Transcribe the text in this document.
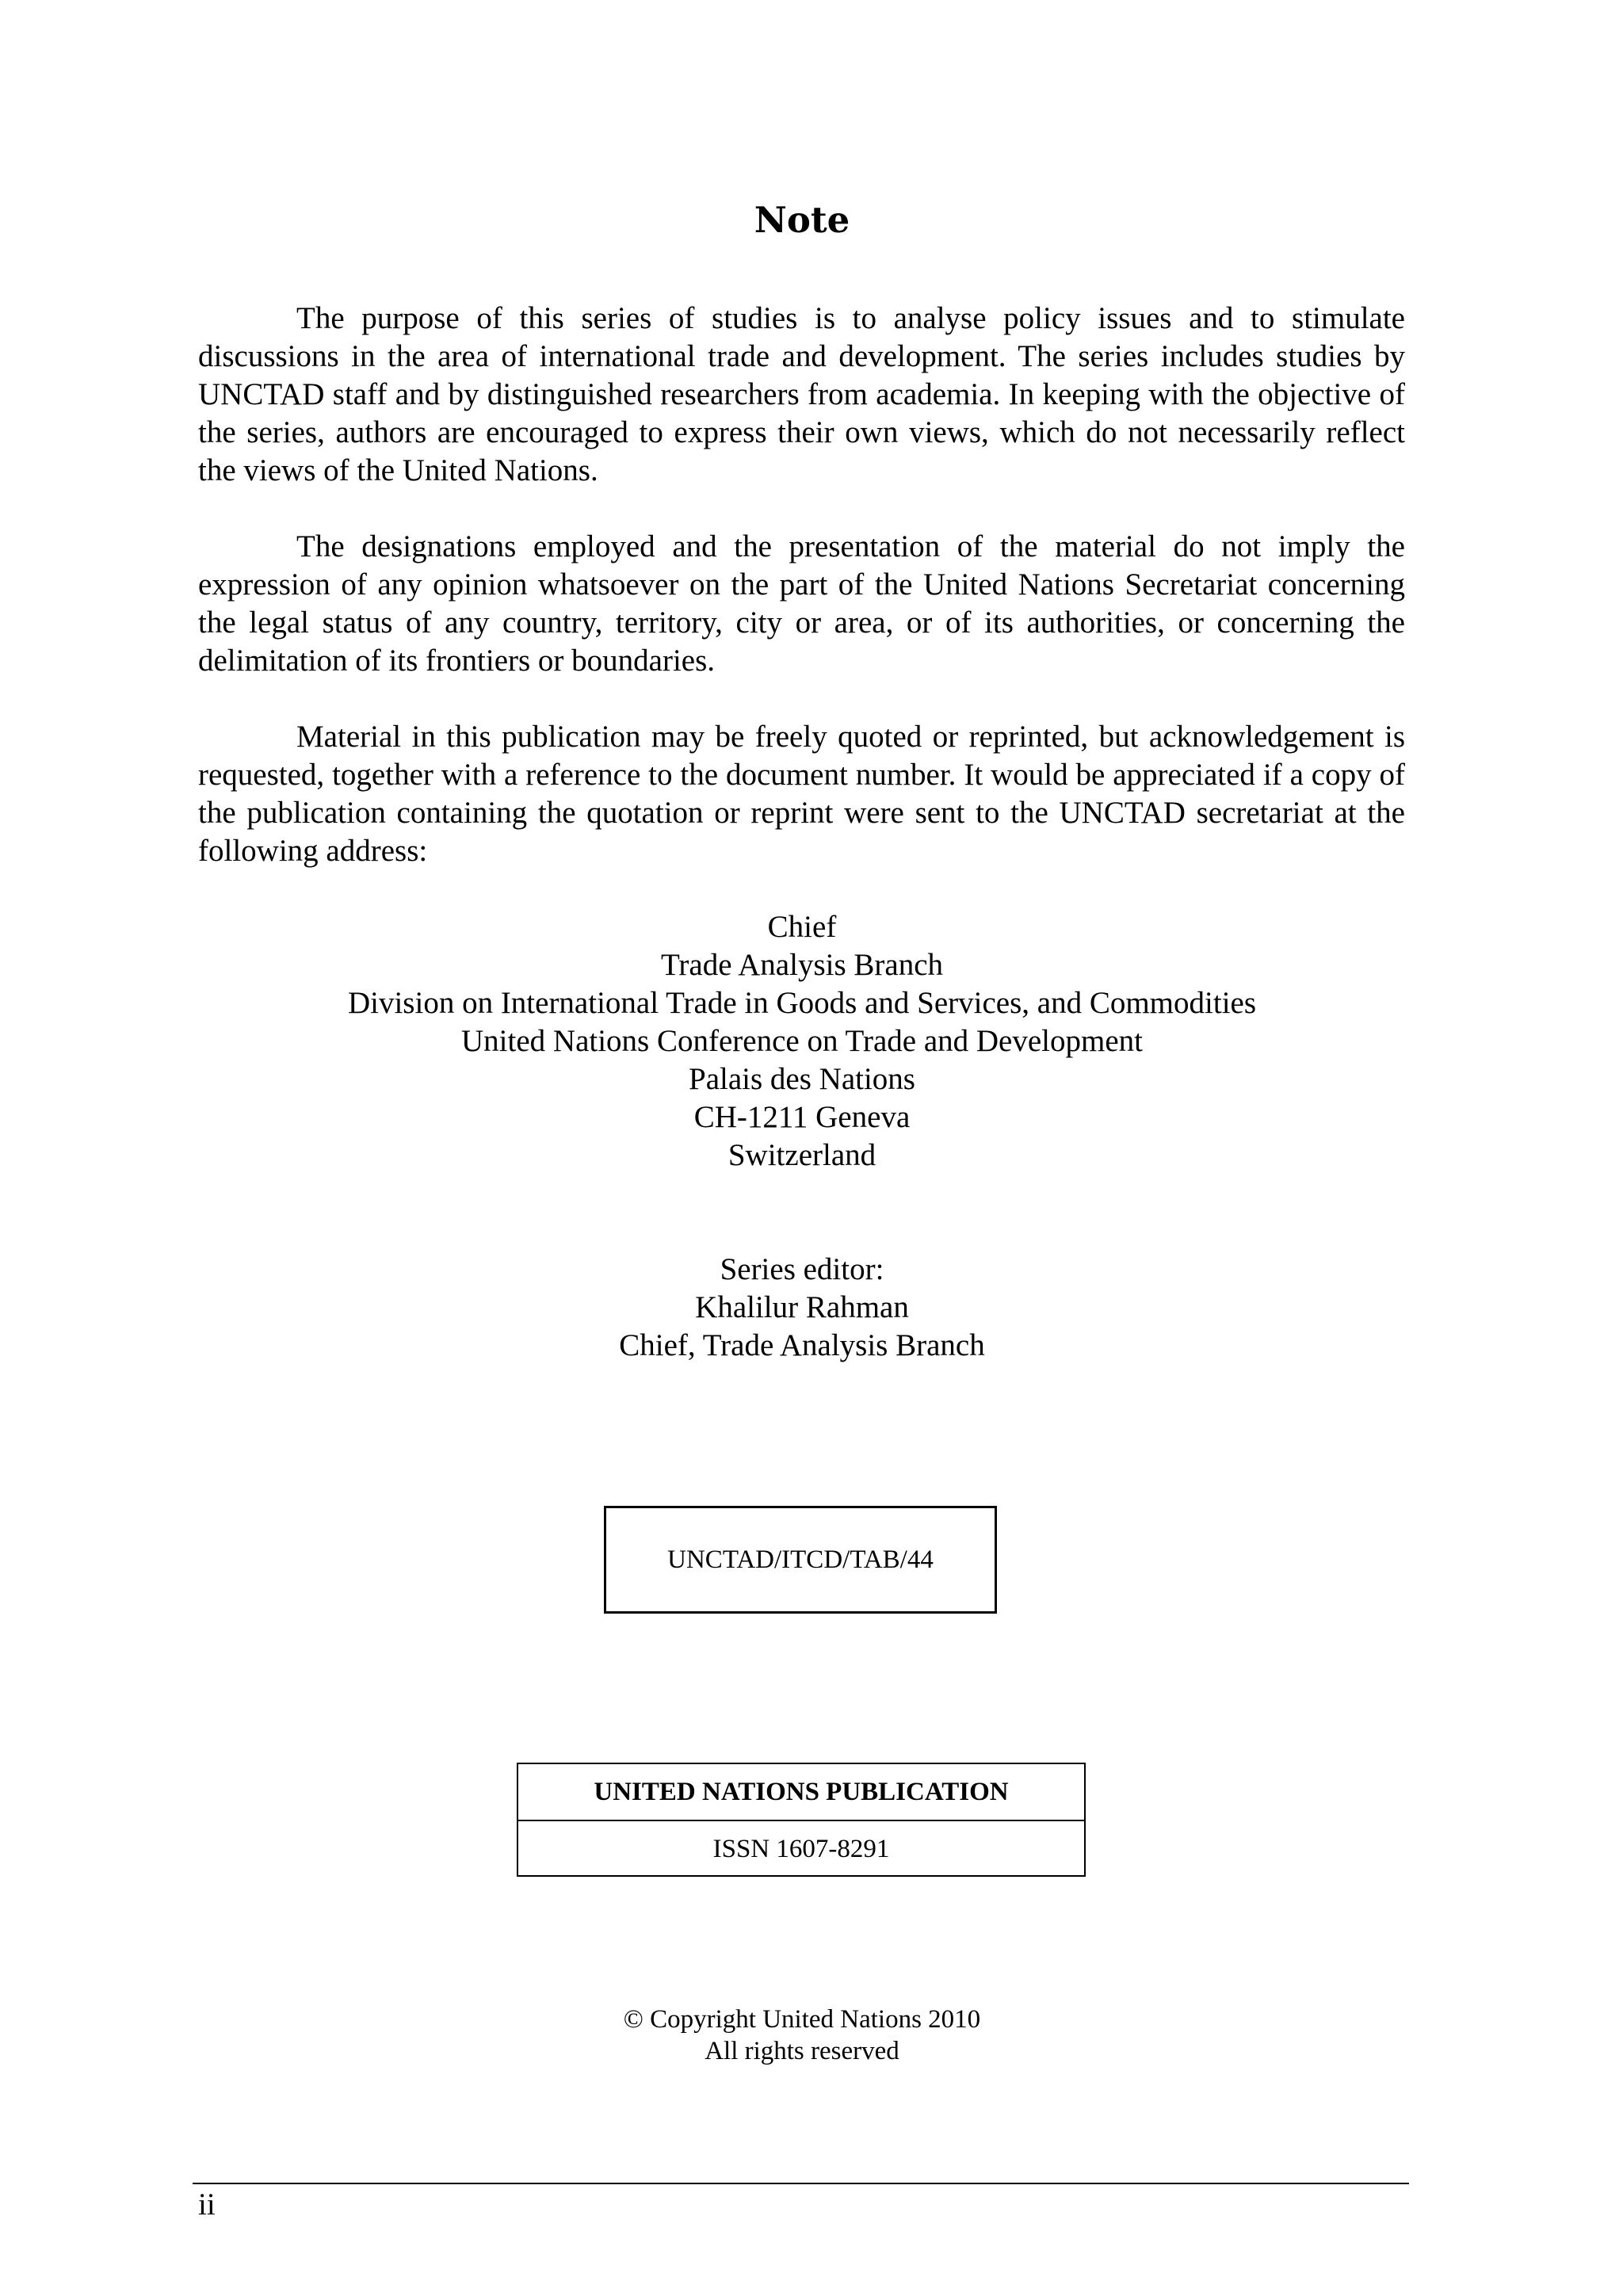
Note

The purpose of this series of studies is to analyse policy issues and to stimulate discussions in the area of international trade and development. The series includes studies by UNCTAD staff and by distinguished researchers from academia. In keeping with the objective of the series, authors are encouraged to express their own views, which do not necessarily reflect the views of the United Nations.

The designations employed and the presentation of the material do not imply the expression of any opinion whatsoever on the part of the United Nations Secretariat concerning the legal status of any country, territory, city or area, or of its authorities, or concerning the delimitation of its frontiers or boundaries.

Material in this publication may be freely quoted or reprinted, but acknowledgement is requested, together with a reference to the document number. It would be appreciated if a copy of the publication containing the quotation or reprint were sent to the UNCTAD secretariat at the following address:

Chief
Trade Analysis Branch
Division on International Trade in Goods and Services, and Commodities
United Nations Conference on Trade and Development
Palais des Nations
CH-1211 Geneva
Switzerland
Series editor:
Khalilur Rahman
Chief, Trade Analysis Branch
UNCTAD/ITCD/TAB/44
UNITED NATIONS PUBLICATION
ISSN 1607-8291
© Copyright United Nations 2010
All rights reserved
ii
